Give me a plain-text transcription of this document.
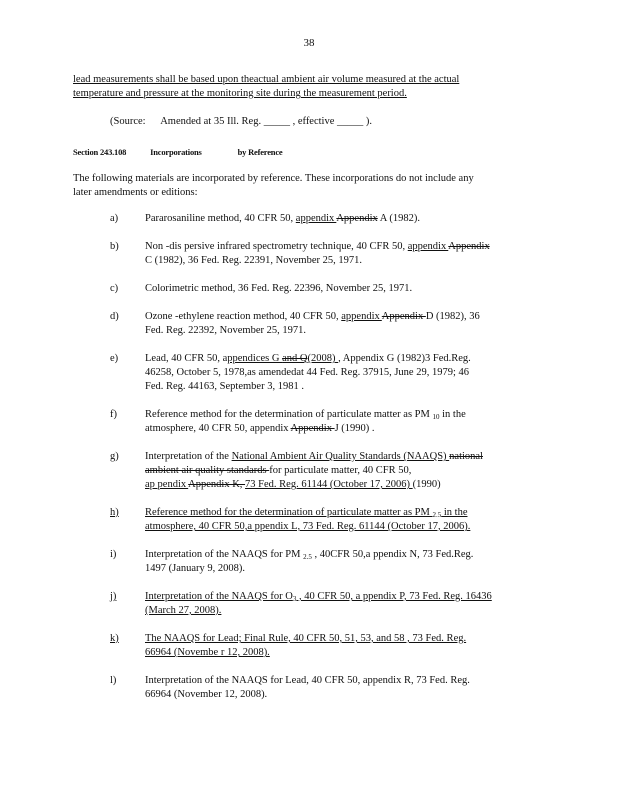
38
lead measurements shall be based upon theactual ambient air volume measured at the actual
temperature and pressure at the monitoring site during the measurement period.
(Source: Amended at 35 Ill. Reg. _____ , effective _____ ).
Section 243.108	Incorporations	by Reference
The following materials are incorporated by reference. These incorporations do not include any
later amendments or editions:
a)	Pararosaniline method, 40 CFR 50, appendix Appendix A (1982).
b)	Non -dis persive infrared spectrometry technique, 40 CFR 50, appendix Appendix
C (1982), 36 Fed. Reg. 22391, November 25, 1971.
c)	Colorimetric method, 36 Fed. Reg. 22396, November 25, 1971.
d)	Ozone -ethylene reaction method, 40 CFR 50, appendix Appendix D (1982), 36
Fed. Reg. 22392, November 25, 1971.
e)	Lead, 40 CFR 50, appendices G and Q(2008) , Appendix G (1982)3 Fed.Reg.
46258, October 5, 1978,as amendedat 44 Fed. Reg. 37915, June 29, 1979; 46
Fed. Reg. 44163, September 3, 1981 .
f)	Reference method for the determination of particulate matter as PM $_{10}$ in the
atmosphere, 40 CFR 50, appendix Appendix J (1990) .
g)	Interpretation of the National Ambient Air Quality Standards (NAAQS) national
ambient air quality standards for particulate matter, 40 CFR 50,
ap pendix Appendix K, 73 Fed. Reg. 61144 (October 17, 2006) (1990)
h)	Reference method for the determination of particulate matter as PM $_{2.5}$ in the
atmosphere, 40 CFR 50,a ppendix L, 73 Fed. Reg. 61144 (October 17, 2006).
i)	Interpretation of the NAAQS for PM $_{2.5}$ , 40CFR 50,a ppendix N, 73 Fed.Reg.
1497 (January 9, 2008).
j)	Interpretation of the NAAQS for $O_3$ , 40 CFR 50, a ppendix P, 73 Fed. Reg. 16436
(March 27, 2008).
k)	The NAAQS for Lead; Final Rule, 40 CFR 50, 51, 53, and 58 , 73 Fed. Reg.
66964 (Novembe r 12, 2008).
l)	Interpretation of the NAAQS for Lead, 40 CFR 50, appendix R, 73 Fed. Reg.
66964 (November 12, 2008).
